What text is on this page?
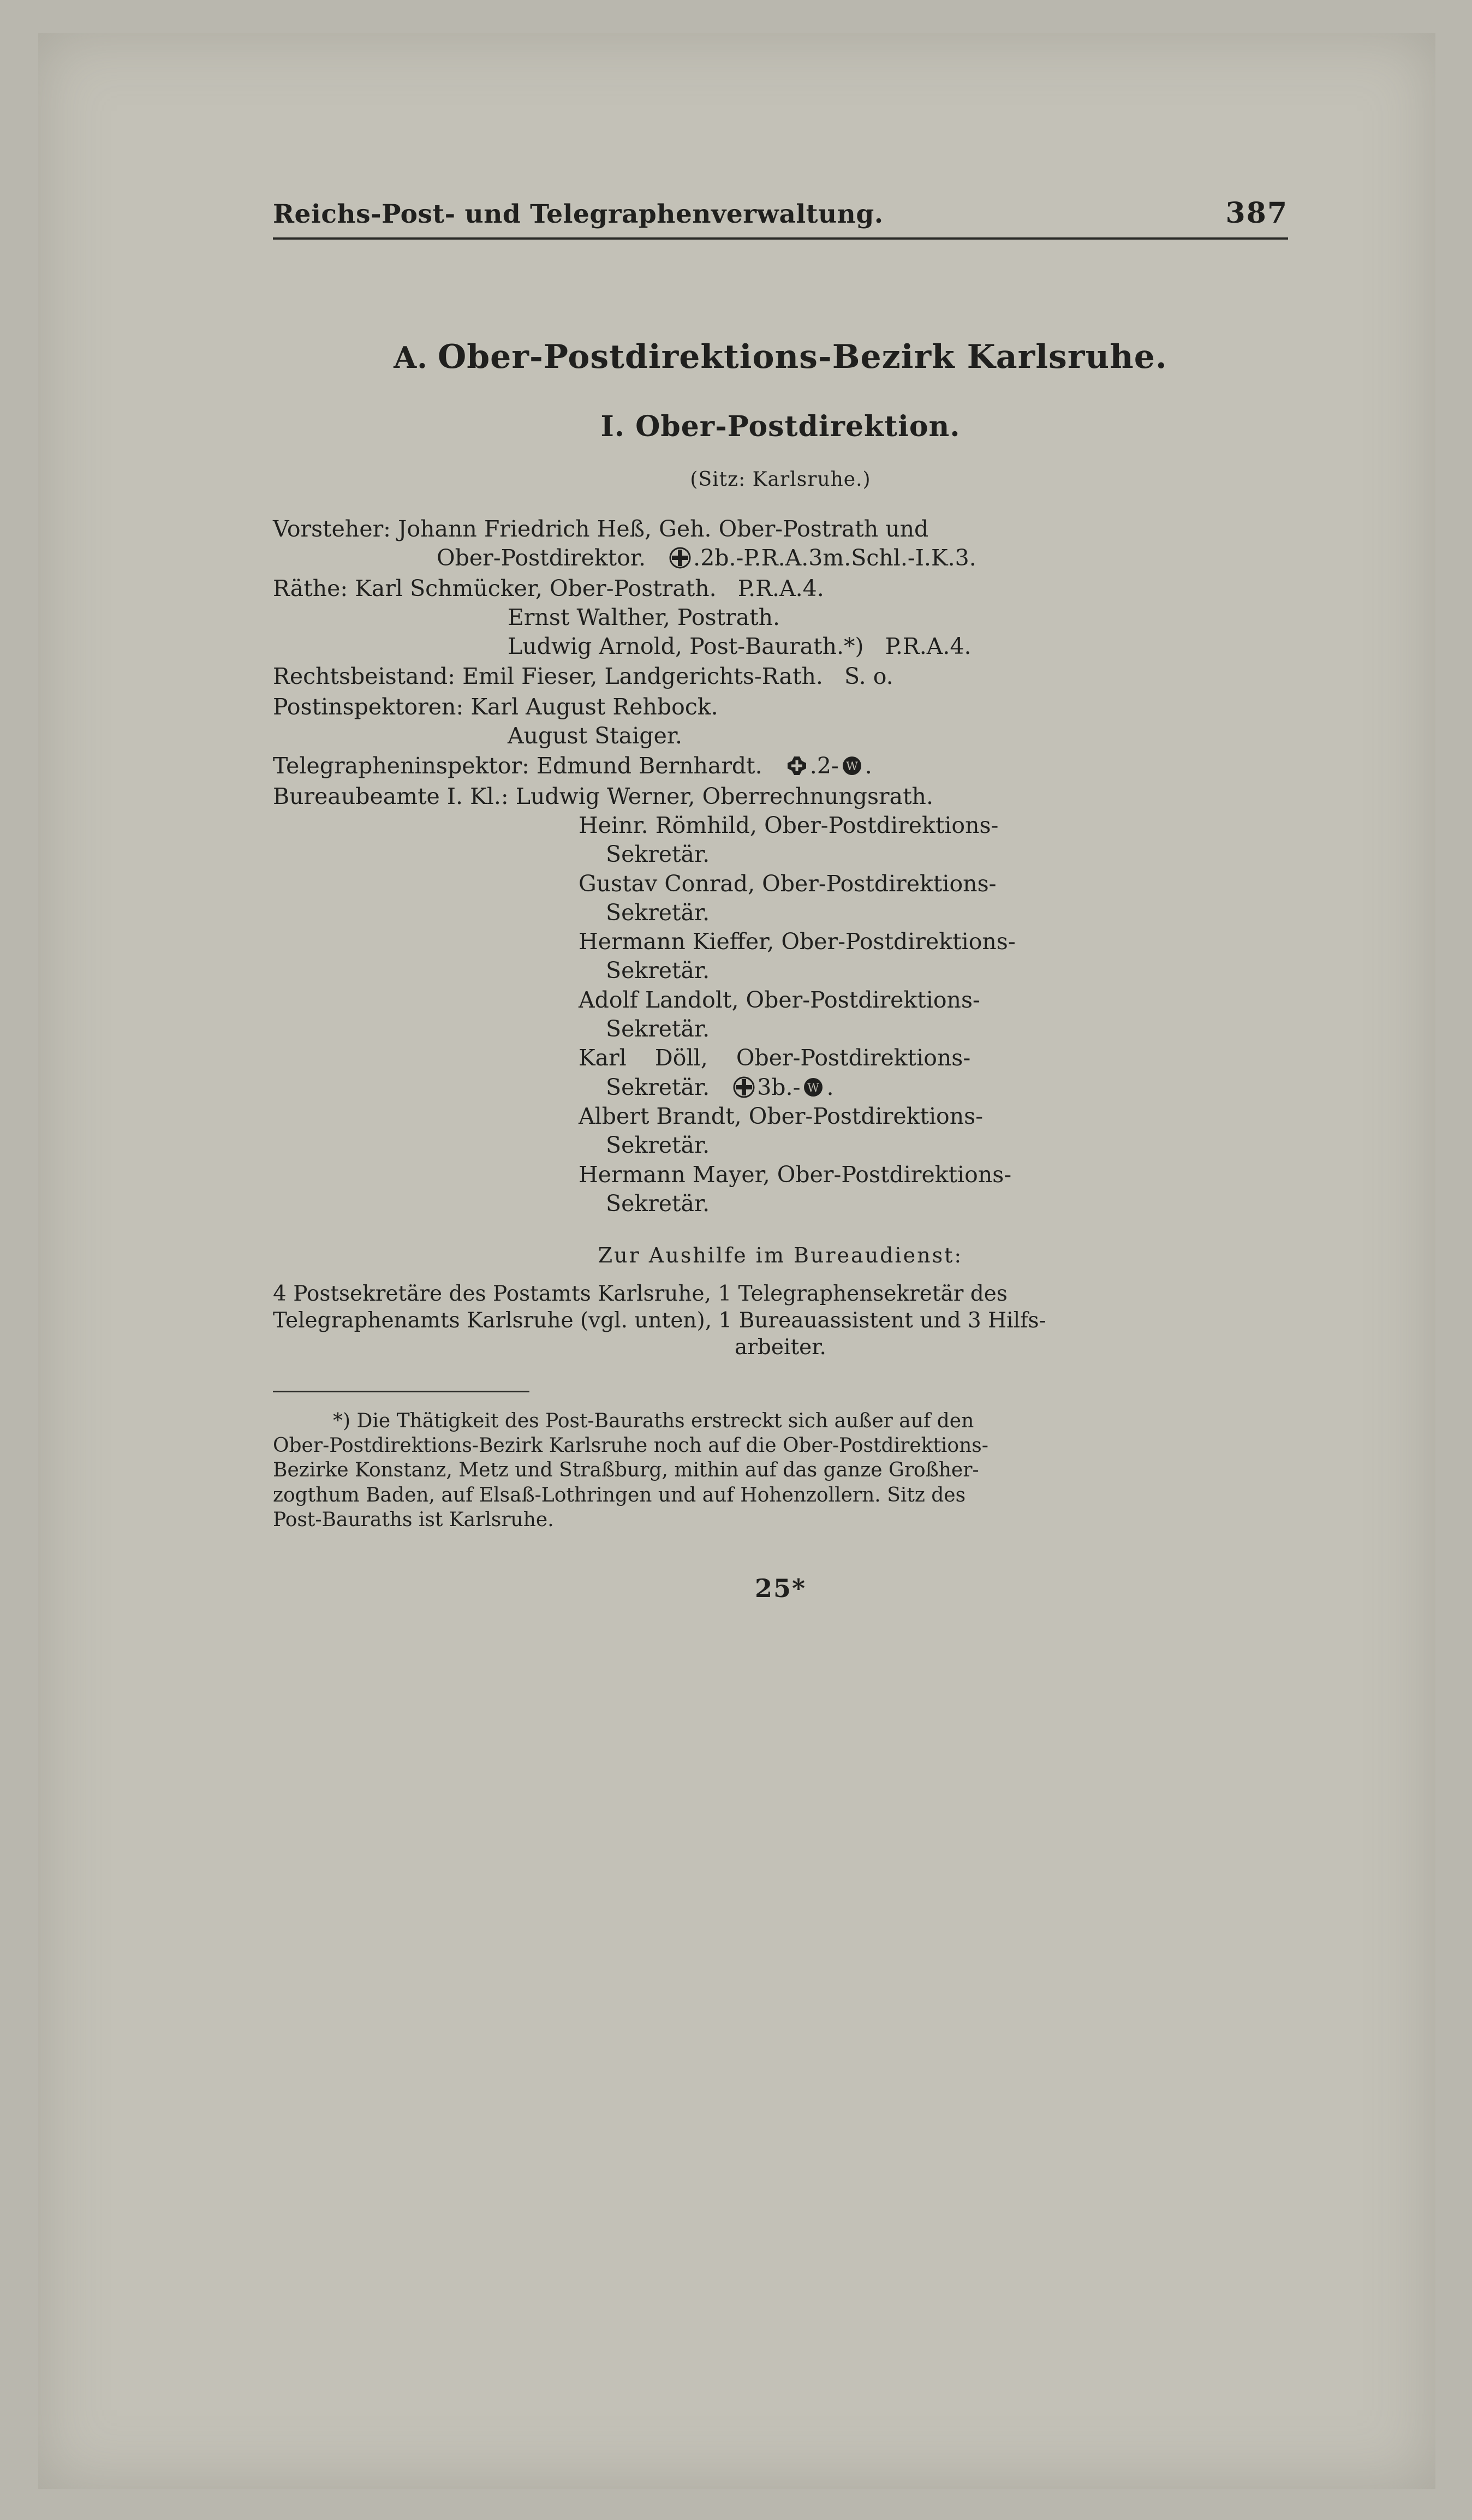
Reichs-Post- und Telegraphenverwaltung.	387
A. Ober-Postdirektions-Bezirk Karlsruhe.
I. Ober-Postdirektion.
(Sitz: Karlsruhe.)
Vorsteher: Johann Friedrich Heß, Geh. Ober-Postrath und
Ober-Postdirektor.
.2b.-P.R.A.3m.Schl.-I.K.3.
Räthe: Karl Schmücker, Ober-Postrath.   P.R.A.4.
Ernst Walther, Postrath.
Ludwig Arnold, Post-Baurath.*)   P.R.A.4.
Rechtsbeistand: Emil Fieser, Landgerichts-Rath.   S. o.
Postinspektoren: Karl August Rehbock.
August Staiger.
Telegrapheninspektor: Edmund Bernhardt.
.2- W .
Bureaubeamte I. Kl.: Ludwig Werner, Oberrechnungsrath.
Heinr. Römhild, Ober-Postdirektions-
Sekretär.
Gustav Conrad, Ober-Postdirektions-
Sekretär.
Hermann Kieffer, Ober-Postdirektions-
Sekretär.
Adolf Landolt, Ober-Postdirektions-
Sekretär.
Karl    Döll,    Ober-Postdirektions-
Sekretär.
3b.- W .
Albert Brandt, Ober-Postdirektions-
Sekretär.
Hermann Mayer, Ober-Postdirektions-
Sekretär.
Zur Aushilfe im Bureaudienst:
4 Postsekretäre des Postamts Karlsruhe, 1 Telegraphensekretär des
Telegraphenamts Karlsruhe (vgl. unten), 1 Bureauassistent und 3 Hilfs-
arbeiter.
*) Die Thätigkeit des Post-Bauraths erstreckt sich außer auf den
Ober-Postdirektions-Bezirk Karlsruhe noch auf die Ober-Postdirektions-
Bezirke Konstanz, Metz und Straßburg, mithin auf das ganze Großher-
zogthum Baden, auf Elsaß-Lothringen und auf Hohenzollern. Sitz des
Post-Bauraths ist Karlsruhe.
25*
